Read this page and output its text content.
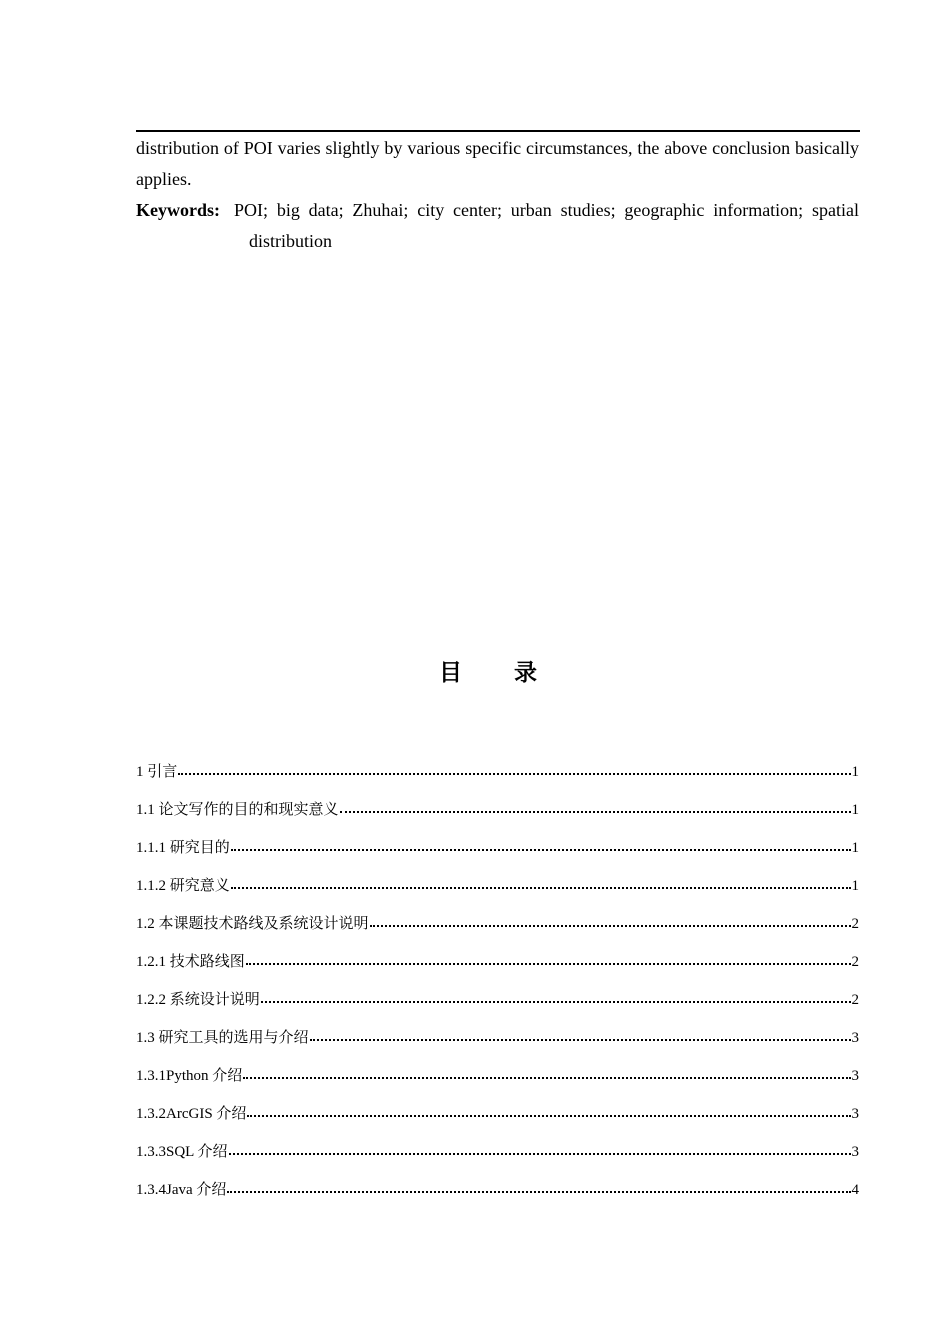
distribution of POI varies slightly by various specific circumstances, the above conclusion basically applies.

Keywords: POI; big data; Zhuhai; city center; urban studies; geographic information; spatial distribution

目 录
1 引言	1
1.1 论文写作的目的和现实意义	1
1.1.1 研究目的	1
1.1.2 研究意义	1
1.2 本课题技术路线及系统设计说明	2
1.2.1 技术路线图	2
1.2.2 系统设计说明	2
1.3 研究工具的选用与介绍	3
1.3.1Python 介绍	3
1.3.2ArcGIS 介绍	3
1.3.3SQL 介绍	3
1.3.4Java 介绍	4
